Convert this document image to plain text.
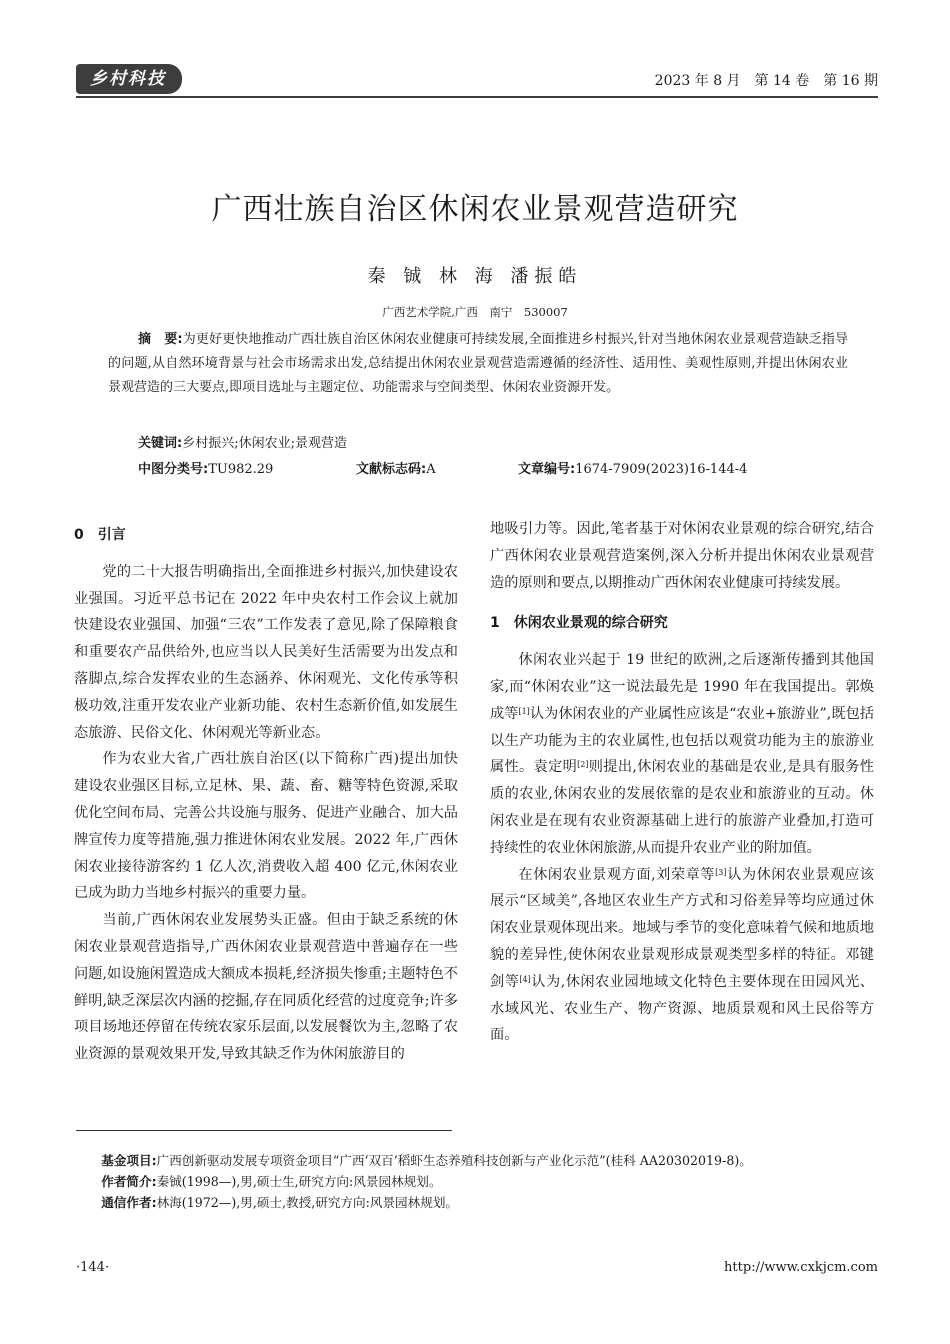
乡村科技	2023 年 8 月　第 14 卷　第 16 期
广西壮族自治区休闲农业景观营造研究
秦 铖 林 海 潘振皓
广西艺术学院,广西　南宁　530007
摘　要:为更好更快地推动广西壮族自治区休闲农业健康可持续发展,全面推进乡村振兴,针对当地休闲农业景观营造缺乏指导的问题,从自然环境背景与社会市场需求出发,总结提出休闲农业景观营造需遵循的经济性、适用性、美观性原则,并提出休闲农业景观营造的三大要点,即项目选址与主题定位、功能需求与空间类型、休闲农业资源开发。
关键词:乡村振兴;休闲农业;景观营造
中图分类号:TU982.29	文献标志码:A	文章编号:1674-7909(2023)16-144-4

0　引言

党的二十大报告明确指出,全面推进乡村振兴,加快建设农业强国。习近平总书记在 2022 年中央农村工作会议上就加快建设农业强国、加强“三农”工作发表了意见,除了保障粮食和重要农产品供给外,也应当以人民美好生活需要为出发点和落脚点,综合发挥农业的生态涵养、休闲观光、文化传承等积极功效,注重开发农业产业新功能、农村生态新价值,如发展生态旅游、民俗文化、休闲观光等新业态。

作为农业大省,广西壮族自治区(以下简称广西)提出加快建设农业强区目标,立足林、果、蔬、畜、糖等特色资源,采取优化空间布局、完善公共设施与服务、促进产业融合、加大品牌宣传力度等措施,强力推进休闲农业发展。2022 年,广西休闲农业接待游客约 1 亿人次,消费收入超 400 亿元,休闲农业已成为助力当地乡村振兴的重要力量。

当前,广西休闲农业发展势头正盛。但由于缺乏系统的休闲农业景观营造指导,广西休闲农业景观营造中普遍存在一些问题,如设施闲置造成大额成本损耗,经济损失惨重;主题特色不鲜明,缺乏深层次内涵的挖掘,存在同质化经营的过度竞争;许多项目场地还停留在传统农家乐层面,以发展餐饮为主,忽略了农业资源的景观效果开发,导致其缺乏作为休闲旅游目的

地吸引力等。因此,笔者基于对休闲农业景观的综合研究,结合广西休闲农业景观营造案例,深入分析并提出休闲农业景观营造的原则和要点,以期推动广西休闲农业健康可持续发展。

1　休闲农业景观的综合研究

休闲农业兴起于 19 世纪的欧洲,之后逐渐传播到其他国家,而“休闲农业”这一说法最先是 1990 年在我国提出。郭焕成等[1]认为休闲农业的产业属性应该是“农业+旅游业”,既包括以生产功能为主的农业属性,也包括以观赏功能为主的旅游业属性。袁定明[2]则提出,休闲农业的基础是农业,是具有服务性质的农业,休闲农业的发展依靠的是农业和旅游业的互动。休闲农业是在现有农业资源基础上进行的旅游产业叠加,打造可持续性的农业休闲旅游,从而提升农业产业的附加值。

在休闲农业景观方面,刘荣章等[3]认为休闲农业景观应该展示“区域美”,各地区农业生产方式和习俗差异等均应通过休闲农业景观体现出来。地域与季节的变化意味着气候和地质地貌的差异性,使休闲农业景观形成景观类型多样的特征。邓键剑等[4]认为,休闲农业园地域文化特色主要体现在田园风光、水域风光、农业生产、物产资源、地质景观和风土民俗等方面。

基金项目:广西创新驱动发展专项资金项目“广西‘双百’稻虾生态养殖科技创新与产业化示范”(桂科 AA20302019-8)。
作者简介:秦铖(1998—),男,硕士生,研究方向:风景园林规划。
通信作者:林海(1972—),男,硕士,教授,研究方向:风景园林规划。
·144·	http://www.cxkjcm.com
